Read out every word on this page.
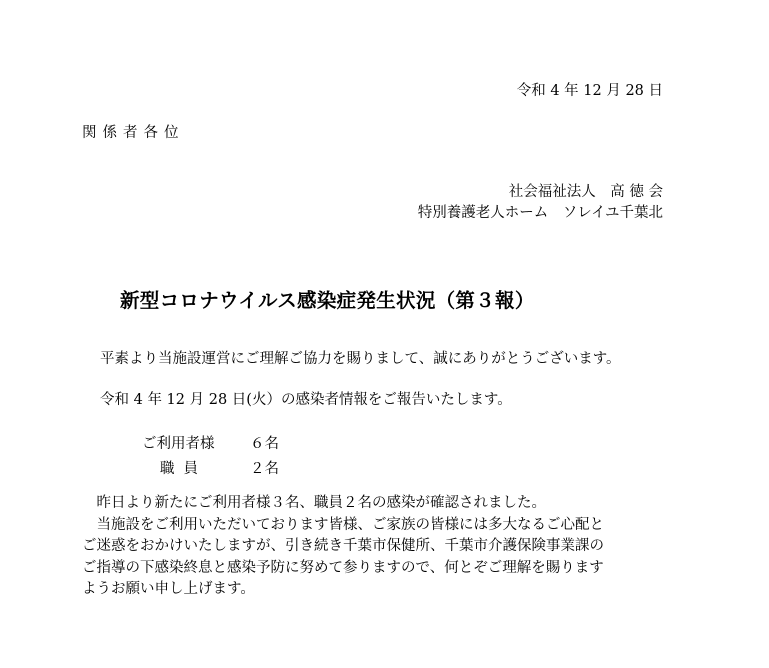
令和 4 年 12 月 28 日
関係者各位
社会福祉法人　高 徳 会
特別養護老人ホーム　ソレイユ千葉北
新型コロナウイルス感染症発生状況（第３報）
平素より当施設運営にご理解ご協力を賜りまして、誠にありがとうございます。
令和 4 年 12 月 28 日(火）の感染者情報をご報告いたします。
ご利用者様 ６名
職員	２名

　昨日より新たにご利用者様３名、職員２名の感染が確認されました。

　当施設をご利用いただいております皆様、ご家族の皆様には多大なるご心配と

ご迷惑をおかけいたしますが、引き続き千葉市保健所、千葉市介護保険事業課の

ご指導の下感染終息と感染予防に努めて参りますので、何とぞご理解を賜ります

ようお願い申し上げます。
